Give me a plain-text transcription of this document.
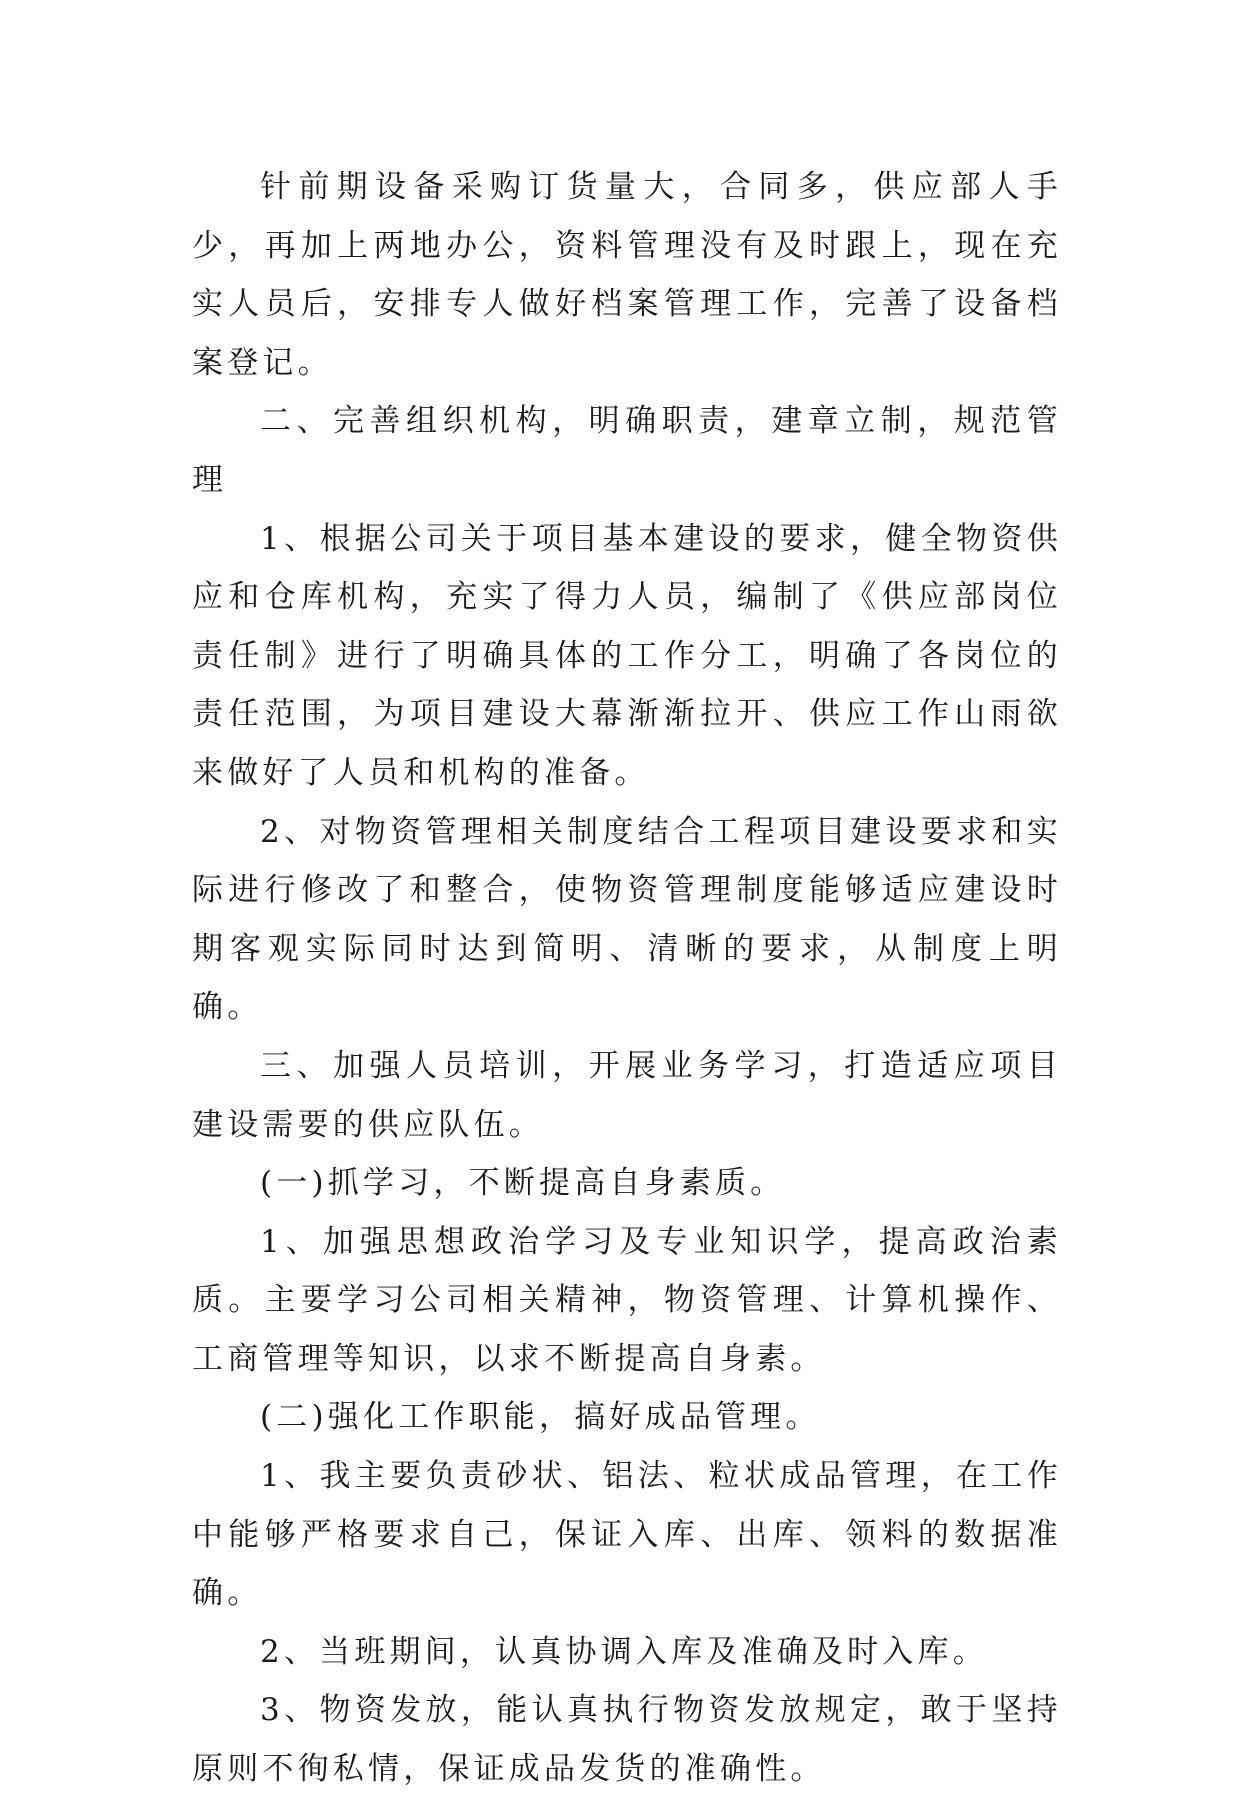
针前期设备采购订货量大，合同多，供应部人手少，再加上两地办公，资料管理没有及时跟上，现在充实人员后，安排专人做好档案管理工作，完善了设备档案登记。

二、完善组织机构，明确职责，建章立制，规范管理

1、根据公司关于项目基本建设的要求，健全物资供应和仓库机构，充实了得力人员，编制了《供应部岗位责任制》进行了明确具体的工作分工，明确了各岗位的责任范围，为项目建设大幕渐渐拉开、供应工作山雨欲来做好了人员和机构的准备。

2、对物资管理相关制度结合工程项目建设要求和实际进行修改了和整合，使物资管理制度能够适应建设时期客观实际同时达到简明、清晰的要求，从制度上明确。

三、加强人员培训，开展业务学习，打造适应项目建设需要的供应队伍。

(一)抓学习，不断提高自身素质。

1、加强思想政治学习及专业知识学，提高政治素质。主要学习公司相关精神，物资管理、计算机操作、工商管理等知识，以求不断提高自身素。

(二)强化工作职能，搞好成品管理。

1、我主要负责砂状、铝法、粒状成品管理，在工作中能够严格要求自己，保证入库、出库、领料的数据准确。

2、当班期间，认真协调入库及准确及时入库。

3、物资发放，能认真执行物资发放规定，敢于坚持原则不徇私情，保证成品发货的准确性。
